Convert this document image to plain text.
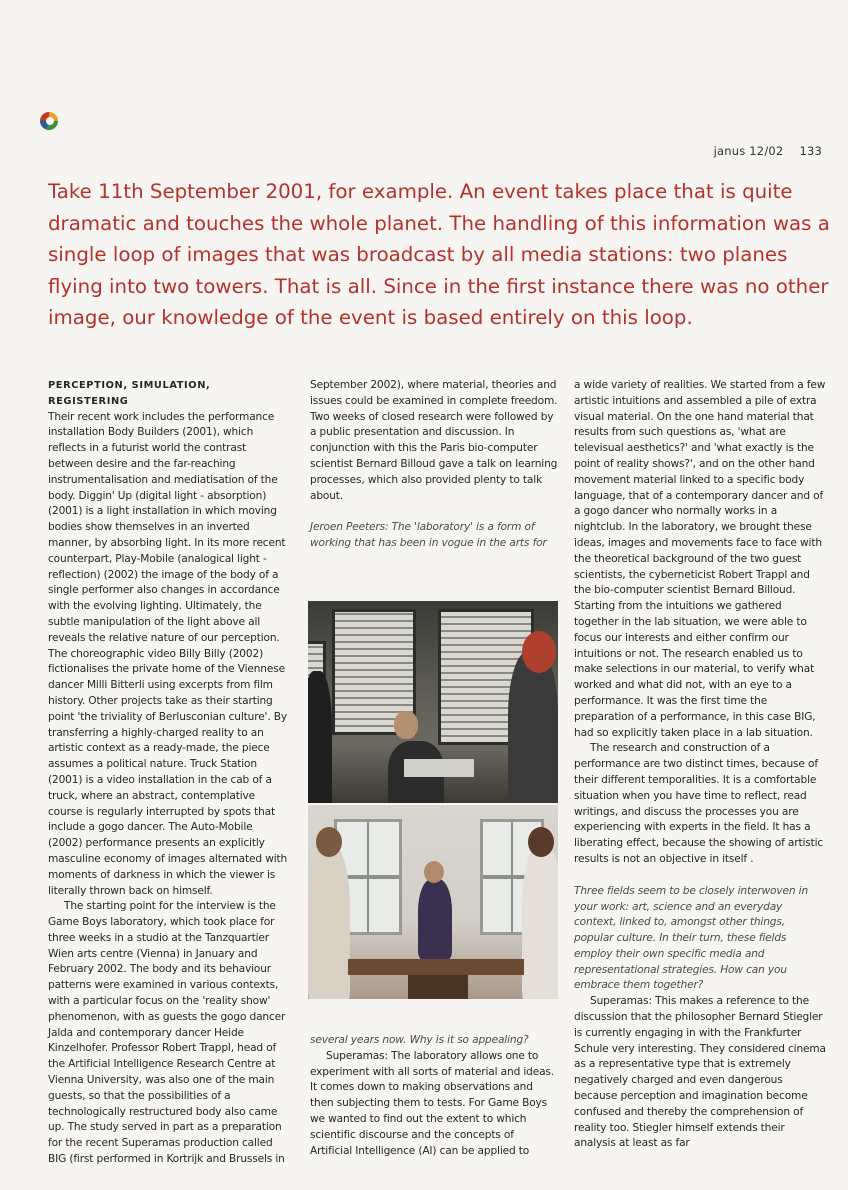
janus 12/02 133

Take 11th September 2001, for example. An event takes place that is quite dramatic and touches the whole planet. The handling of this information was a single loop of images that was broadcast by all media stations: two planes flying into two towers. That is all. Since in the first instance there was no other image, our knowledge of the event is based entirely on this loop.

PERCEPTION, SIMULATION, REGISTERING

Their recent work includes the performance installation Body Builders (2001), which reflects in a futurist world the contrast between desire and the far-reaching instrumentalisation and mediatisation of the body. Diggin' Up (digital light - absorption) (2001) is a light installation in which moving bodies show themselves in an inverted manner, by absorbing light. In its more recent counterpart, Play-Mobile (analogical light - reflection) (2002) the image of the body of a single performer also changes in accordance with the evolving lighting. Ultimately, the subtle manipulation of the light above all reveals the relative nature of our perception.

The choreographic video Billy Billy (2002) fictionalises the private home of the Viennese dancer Milli Bitterli using excerpts from film history. Other projects take as their starting point 'the triviality of Berlusconian culture'. By transferring a highly-charged reality to an artistic context as a ready-made, the piece assumes a political nature. Truck Station (2001) is a video installation in the cab of a truck, where an abstract, contemplative course is regularly interrupted by spots that include a gogo dancer. The Auto-Mobile (2002) performance presents an explicitly masculine economy of images alternated with moments of darkness in which the viewer is literally thrown back on himself.

The starting point for the interview is the Game Boys laboratory, which took place for three weeks in a studio at the Tanzquartier Wien arts centre (Vienna) in January and February 2002. The body and its behaviour patterns were examined in various contexts, with a particular focus on the 'reality show' phenomenon, with as guests the gogo dancer Jalda and contemporary dancer Heide Kinzelhofer. Professor Robert Trappl, head of the Artificial Intelligence Research Centre at Vienna University, was also one of the main guests, so that the possibilities of a technologically restructured body also came up. The study served in part as a preparation for the recent Superamas production called BIG (first performed in Kortrijk and Brussels in

September 2002), where material, theories and issues could be examined in complete freedom. Two weeks of closed research were followed by a public presentation and discussion. In conjunction with this the Paris bio-computer scientist Bernard Billoud gave a talk on learning processes, which also provided plenty to talk about.

Jeroen Peeters: The 'laboratory' is a form of working that has been in vogue in the arts for

several years now. Why is it so appealing?

Superamas: The laboratory allows one to experiment with all sorts of material and ideas. It comes down to making observations and then subjecting them to tests. For Game Boys we wanted to find out the extent to which scientific discourse and the concepts of Artificial Intelligence (AI) can be applied to

a wide variety of realities. We started from a few artistic intuitions and assembled a pile of extra visual material. On the one hand material that results from such questions as, 'what are televisual aesthetics?' and 'what exactly is the point of reality shows?', and on the other hand movement material linked to a specific body language, that of a contemporary dancer and of a gogo dancer who normally works in a nightclub. In the laboratory, we brought these ideas, images and movements face to face with the theoretical background of the two guest scientists, the cyberneticist Robert Trappl and the bio-computer scientist Bernard Billoud. Starting from the intuitions we gathered together in the lab situation, we were able to focus our interests and either confirm our intuitions or not. The research enabled us to make selections in our material, to verify what worked and what did not, with an eye to a performance. It was the first time the preparation of a performance, in this case BIG, had so explicitly taken place in a lab situation.

The research and construction of a performance are two distinct times, because of their different temporalities. It is a comfortable situation when you have time to reflect, read writings, and discuss the processes you are experiencing with experts in the field. It has a liberating effect, because the showing of artistic results is not an objective in itself .

Three fields seem to be closely interwoven in your work: art, science and an everyday context, linked to, amongst other things, popular culture. In their turn, these fields employ their own specific media and representational strategies. How can you embrace them together?

Superamas: This makes a reference to the discussion that the philosopher Bernard Stiegler is currently engaging in with the Frankfurter Schule very interesting. They considered cinema as a representative type that is extremely negatively charged and even dangerous because perception and imagination become confused and thereby the comprehension of reality too. Stiegler himself extends their analysis at least as far
